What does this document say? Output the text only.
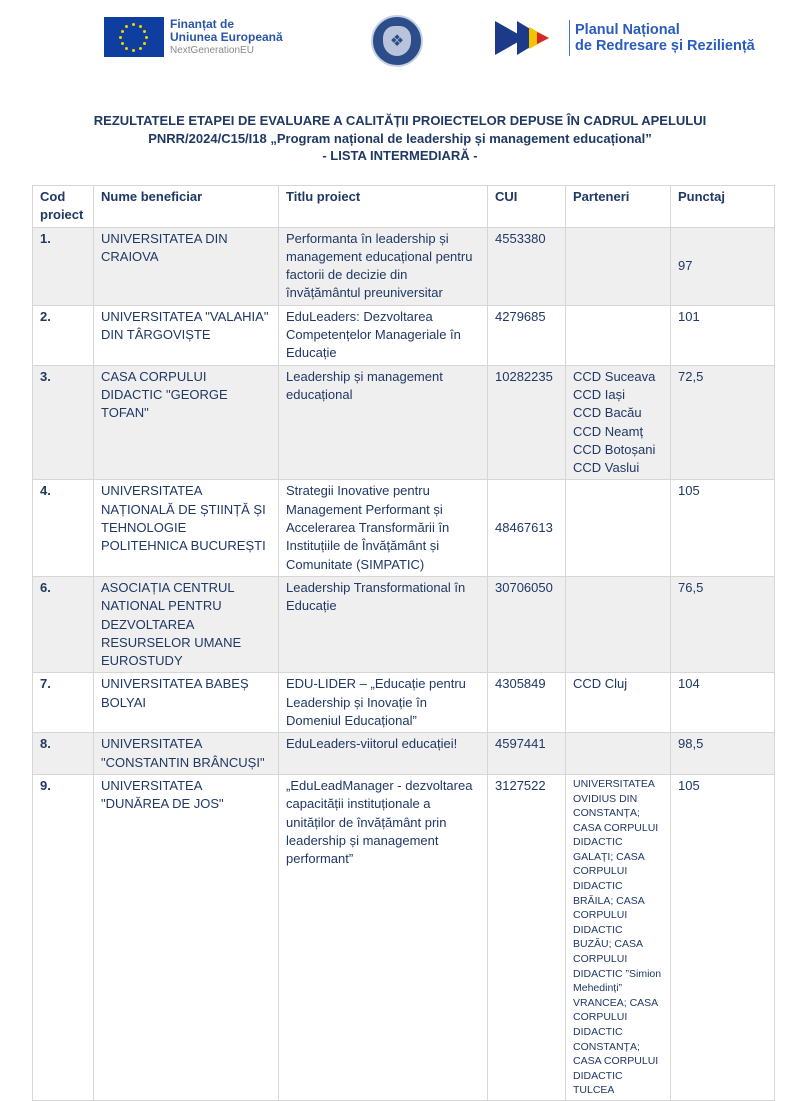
Finanțat de
Uniunea Europeană
NextGenerationEU	❖
Planul Național
de Redresare și Reziliență
REZULTATELE ETAPEI DE EVALUARE A CALITĂȚII PROIECTELOR DEPUSE ÎN CADRUL APELULUI
PNRR/2024/C15/I18 „Program național de leadership și management educațional”
- LISTA INTERMEDIARĂ -
Cod proiect	Nume beneficiar	Titlu proiect	CUI	Parteneri	Punctaj
1.	UNIVERSITATEA DIN CRAIOVA	Performanta în leadership și management educațional pentru factorii de decizie din învățământul preuniversitar	4553380		97
2.	UNIVERSITATEA "VALAHIA" DIN TÂRGOVIȘTE	EduLeaders: Dezvoltarea Competențelor Manageriale în Educație	4279685		101
3.	CASA CORPULUI DIDACTIC "GEORGE TOFAN"	Leadership și management educațional	10282235	CCD Suceava
CCD Iași
CCD Bacău
CCD Neamț
CCD Botoșani
CCD Vaslui
	72,5
4.	UNIVERSITATEA NAȚIONALĂ DE ȘTIINȚĂ ȘI TEHNOLOGIE POLITEHNICA BUCUREȘTI	Strategii Inovative pentru Management Performant și Accelerarea Transformării în Instituțiile de Învățământ și Comunitate (SIMPATIC)	48467613		105
6.	ASOCIAȚIA CENTRUL NATIONAL PENTRU DEZVOLTAREA RESURSELOR UMANE EUROSTUDY	Leadership Transformational în Educație	30706050		76,5
7.	UNIVERSITATEA BABEȘ BOLYAI	EDU-LIDER – „Educație pentru Leadership și Inovație în Domeniul Educațional”	4305849	CCD Cluj	104
8.	UNIVERSITATEA "CONSTANTIN BRÂNCUȘI"	EduLeaders-viitorul educației!	4597441		98,5
9.	UNIVERSITATEA "DUNĂREA DE JOS"	„EduLeadManager - dezvoltarea capacității instituționale a unităților de învățământ prin leadership și management performant”	3127522	UNIVERSITATEA OVIDIUS DIN CONSTANȚA; CASA CORPULUI DIDACTIC GALAȚI; CASA CORPULUI DIDACTIC BRĂILA; CASA CORPULUI DIDACTIC BUZĂU; CASA CORPULUI DIDACTIC ”Simion Mehedinți” VRANCEA; CASA CORPULUI DIDACTIC CONSTANȚA; CASA CORPULUI DIDACTIC TULCEA	105
